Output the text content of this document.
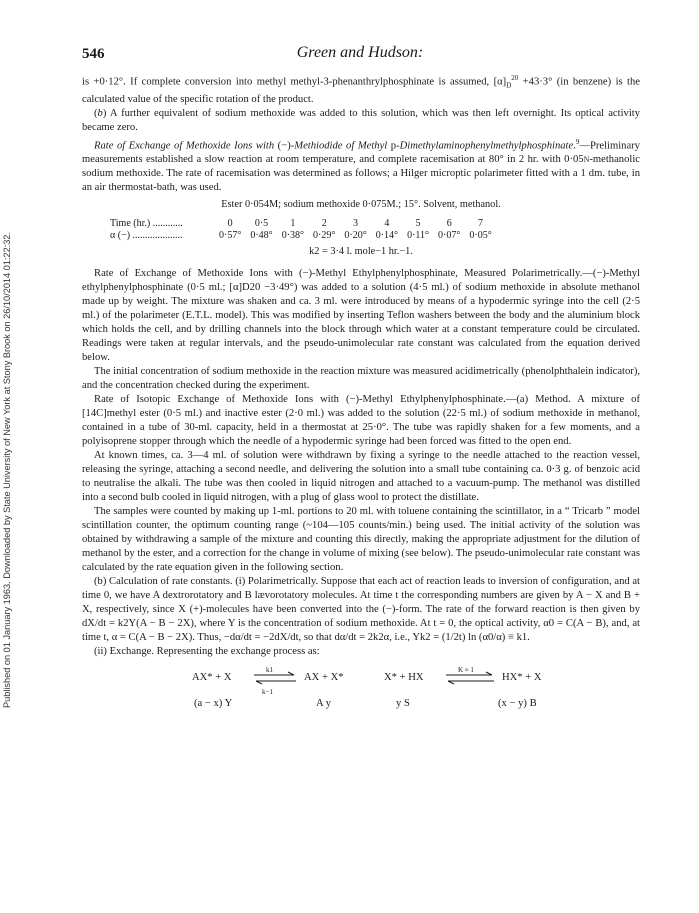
Published on 01 January 1963. Downloaded by State University of New York at Stony Brook on 26/10/2014 01:22:32.
546	Green and Hudson:

is +0·12°. If complete conversion into methyl methyl-3-phenanthrylphosphinate is assumed, $[\alpha]_D^{20} +43\cdot 3^\circ$ (in benzene) is the calculated value of the specific rotation of the product.

(b) A further equivalent of sodium methoxide was added to this solution, which was then left overnight. Its optical activity became zero.

Rate of Exchange of Methoxide Ions with (−)-Methiodide of Methyl p-Dimethylaminophenylmethylphosphinate.$^9$—Preliminary measurements established a slow reaction at room temperature, and complete racemisation at 80° in 2 hr. with 0·05N-methanolic sodium methoxide. The rate of racemisation was determined as follows; a Hilger microptic polarimeter fitted with a 1 dm. tube, in an air thermostat-bath, was used.

Ester 0·054M; sodium methoxide 0·075M.; 15°. Solvent, methanol.
Time (hr.) ............	0	0·5	1	2	3	4	5	6	7
α (−) ....................	0·57°	0·48°	0·38°	0·29°	0·20°	0·14°	0·11°	0·07°	0·05°
k2 = 3·4 l. mole−1 hr.−1.

Rate of Exchange of Methoxide Ions with (−)-Methyl Ethylphenylphosphinate, Measured Polarimetrically.—(−)-Methyl ethylphenylphosphinate (0·5 ml.; [α]D20 −3·49°) was added to a solution (4·5 ml.) of sodium methoxide in absolute methanol made up by weight. The mixture was shaken and ca. 3 ml. were introduced by means of a hypodermic syringe into the cell (2·5 ml.) of the polarimeter (E.T.L. model). This was modified by inserting Teflon washers between the body and the aluminium block which holds the cell, and by drilling channels into the block through which water at a constant temperature could be circulated. Readings were taken at regular intervals, and the pseudo-unimolecular rate constant was calculated from the equation derived below.

The initial concentration of sodium methoxide in the reaction mixture was measured acidimetrically (phenolphthalein indicator), and the concentration checked during the experiment.

Rate of Isotopic Exchange of Methoxide Ions with (−)-Methyl Ethylphenylphosphinate.—(a) Method. A mixture of [14C]methyl ester (0·5 ml.) and inactive ester (2·0 ml.) was added to the solution (22·5 ml.) of sodium methoxide in methanol, contained in a tube of 30-ml. capacity, held in a thermostat at 25·0°. The tube was rapidly shaken for a few moments, and a polyisoprene stopper through which the needle of a hypodermic syringe had been forced was fitted to the open end.

At known times, ca. 3—4 ml. of solution were withdrawn by fixing a syringe to the needle attached to the reaction vessel, releasing the syringe, attaching a second needle, and delivering the solution into a small tube containing ca. 0·3 g. of benzoic acid to neutralise the alkali. The tube was then cooled in liquid nitrogen and attached to a vacuum-pump. The methanol was distilled into a second bulb cooled in liquid nitrogen, with a plug of glass wool to protect the distillate.

The samples were counted by making up 1-ml. portions to 20 ml. with toluene containing the scintillator, in a “ Tricarb ” model scintillation counter, the optimum counting range (~104—105 counts/min.) being used. The initial activity of the solution was obtained by withdrawing a sample of the mixture and counting this directly, making the appropriate adjustment for the dilution of methanol by the ester, and a correction for the change in volume of mixing (see below). The pseudo-unimolecular rate constant was calculated by the rate equation given in the following section.

(b) Calculation of rate constants. (i) Polarimetrically. Suppose that each act of reaction leads to inversion of configuration, and at time 0, we have A dextrorotatory and B lævorotatory molecules. At time t the corresponding numbers are given by A − X and B + X, respectively, since X (+)-molecules have been converted into the (−)-form. The rate of the forward reaction is then given by dX/dt = k2Y(A − B − 2X), where Y is the concentration of sodium methoxide. At t = 0, the optical activity, α0 = C(A − B), and, at time t, α = C(A − B − 2X). Thus, −dα/dt = −2dX/dt, so that dα/dt = 2k2α, i.e., Yk2 = (1/2t) ln (α0/α) ≡ k1.

(ii) Exchange. Representing the exchange process as:

AX* + X
k1
k−1
AX + X*	X* + HX
K ≈ 1
HX* + X
(a − x) Y	A y	y S	(x − y) B
